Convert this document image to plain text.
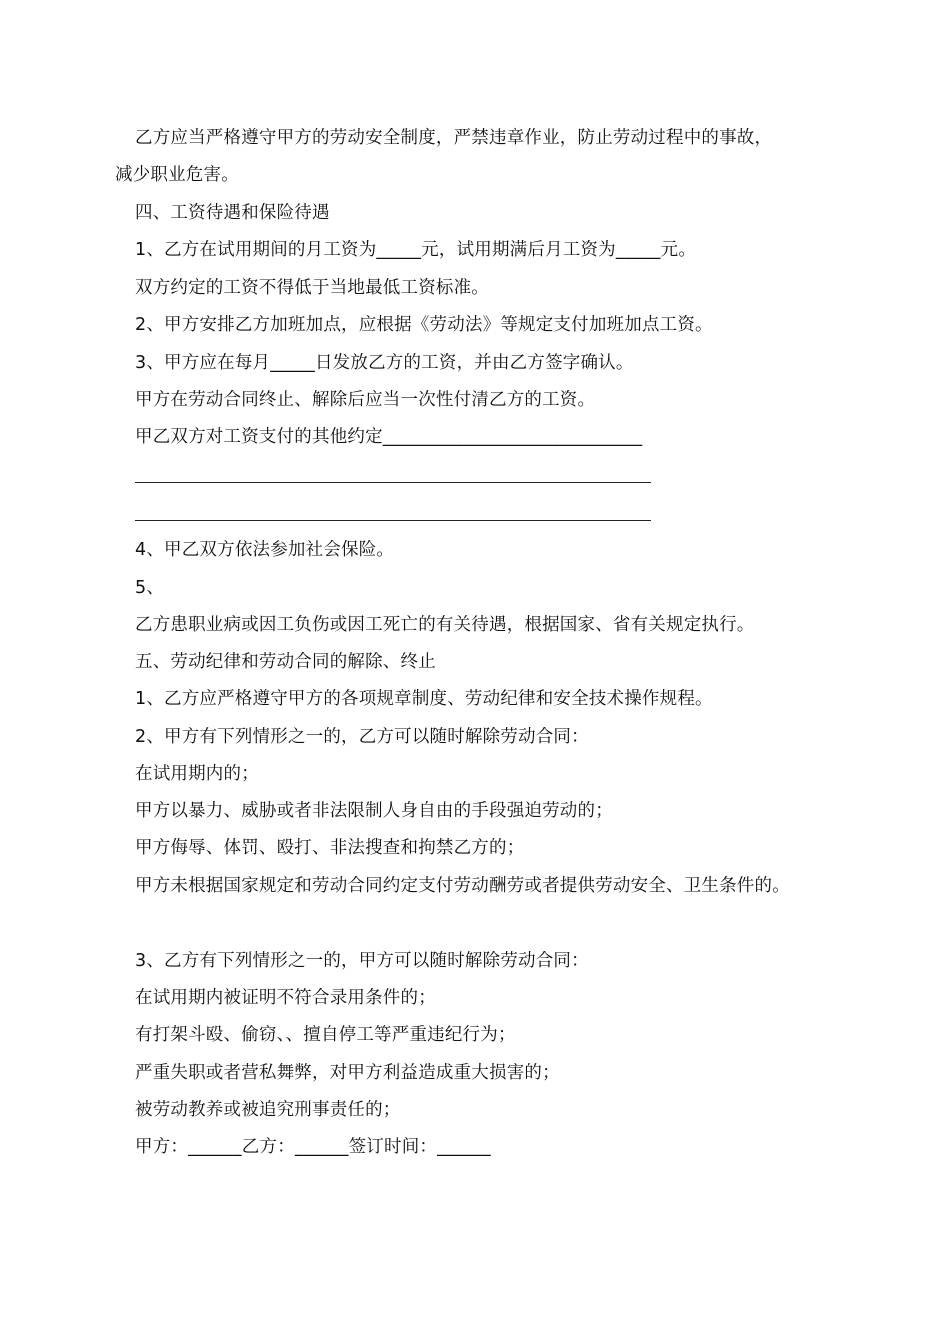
乙方应当严格遵守甲方的劳动安全制度，严禁违章作业，防止劳动过程中的事故，
减少职业危害。
四、工资待遇和保险待遇
1、乙方在试用期间的月工资为_____元，试用期满后月工资为_____元。
双方约定的工资不得低于当地最低工资标准。
2、甲方安排乙方加班加点，应根据《劳动法》等规定支付加班加点工资。
3、甲方应在每月_____日发放乙方的工资，并由乙方签字确认。
甲方在劳动合同终止、解除后应当一次性付清乙方的工资。
甲乙双方对工资支付的其他约定_____________________________
4、甲乙双方依法参加社会保险。
5、
乙方患职业病或因工负伤或因工死亡的有关待遇，根据国家、省有关规定执行。
五、劳动纪律和劳动合同的解除、终止
1、乙方应严格遵守甲方的各项规章制度、劳动纪律和安全技术操作规程。
2、甲方有下列情形之一的，乙方可以随时解除劳动合同：
在试用期内的；
甲方以暴力、威胁或者非法限制人身自由的手段强迫劳动的；
甲方侮辱、体罚、殴打、非法搜查和拘禁乙方的；
甲方未根据国家规定和劳动合同约定支付劳动酬劳或者提供劳动安全、卫生条件的。
3、乙方有下列情形之一的，甲方可以随时解除劳动合同：
在试用期内被证明不符合录用条件的；
有打架斗殴、偷窃、、擅自停工等严重违纪行为；
严重失职或者营私舞弊，对甲方利益造成重大损害的；
被劳动教养或被追究刑事责任的；
甲方：______乙方：______签订时间：______
